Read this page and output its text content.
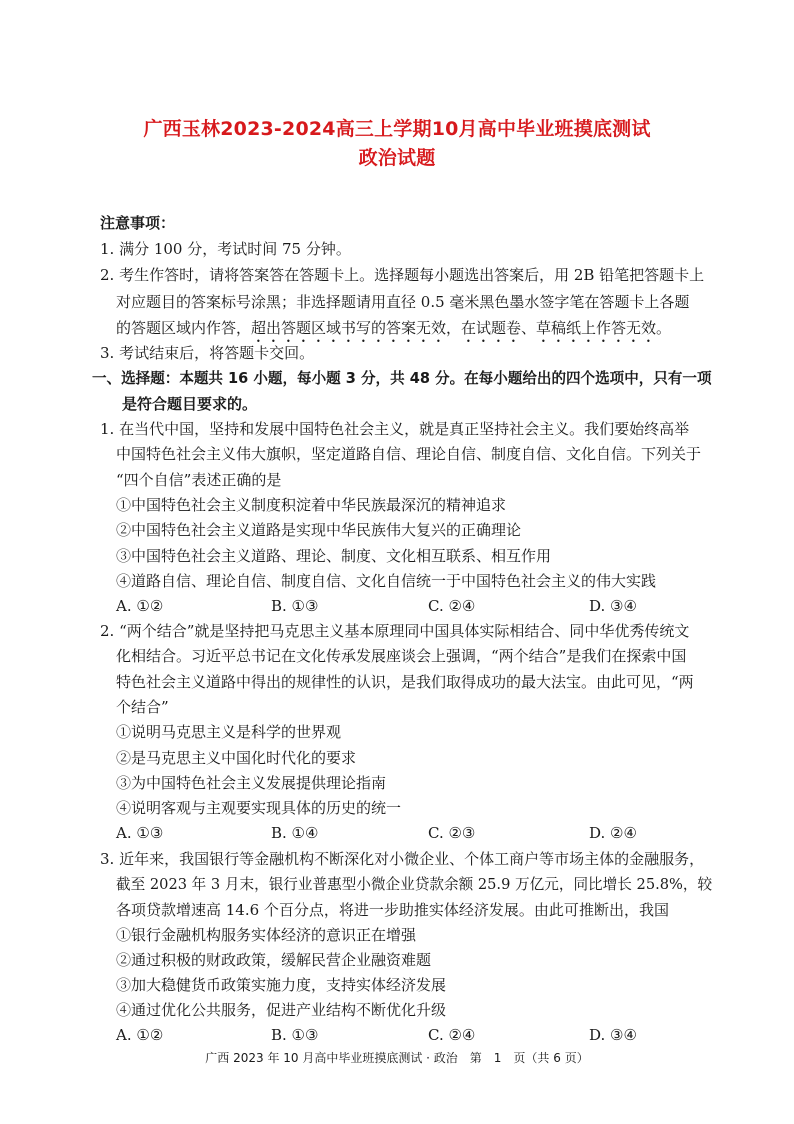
广西玉林2023-2024高三上学期10月高中毕业班摸底测试
政治试题
注意事项：
1. 满分 100 分，考试时间 75 分钟。
2. 考生作答时，请将答案答在答题卡上。选择题每小题选出答案后，用 2B 铅笔把答题卡上
对应题目的答案标号涂黑；非选择题请用直径 0.5 毫米黑色墨水签字笔在答题卡上各题
的答题区域内作答，超出答题区域书写的答案无效，在试题卷、草稿纸上作答无效。
3. 考试结束后，将答题卡交回。
一、选择题：本题共 16 小题，每小题 3 分，共 48 分。在每小题给出的四个选项中，只有一项
是符合题目要求的。
1. 在当代中国，坚持和发展中国特色社会主义，就是真正坚持社会主义。我们要始终高举
中国特色社会主义伟大旗帜，坚定道路自信、理论自信、制度自信、文化自信。下列关于
“四个自信”表述正确的是
①中国特色社会主义制度积淀着中华民族最深沉的精神追求
②中国特色社会主义道路是实现中华民族伟大复兴的正确理论
③中国特色社会主义道路、理论、制度、文化相互联系、相互作用
④道路自信、理论自信、制度自信、文化自信统一于中国特色社会主义的伟大实践
A. ①②	B. ①③	C. ②④	D. ③④
2. “两个结合”就是坚持把马克思主义基本原理同中国具体实际相结合、同中华优秀传统文
化相结合。习近平总书记在文化传承发展座谈会上强调，“两个结合”是我们在探索中国
特色社会主义道路中得出的规律性的认识，是我们取得成功的最大法宝。由此可见，“两
个结合”
①说明马克思主义是科学的世界观
②是马克思主义中国化时代化的要求
③为中国特色社会主义发展提供理论指南
④说明客观与主观要实现具体的历史的统一
A. ①③	B. ①④	C. ②③	D. ②④
3. 近年来，我国银行等金融机构不断深化对小微企业、个体工商户等市场主体的金融服务，
截至 2023 年 3 月末，银行业普惠型小微企业贷款余额 25.9 万亿元，同比增长 25.8%，较
各项贷款增速高 14.6 个百分点，将进一步助推实体经济发展。由此可推断出，我国
①银行金融机构服务实体经济的意识正在增强
②通过积极的财政政策，缓解民营企业融资难题
③加大稳健货币政策实施力度，支持实体经济发展
④通过优化公共服务，促进产业结构不断优化升级
A. ①②	B. ①③	C. ②④	D. ③④
广西 2023 年 10 月高中毕业班摸底测试 · 政治　第　1　页（共 6 页）
